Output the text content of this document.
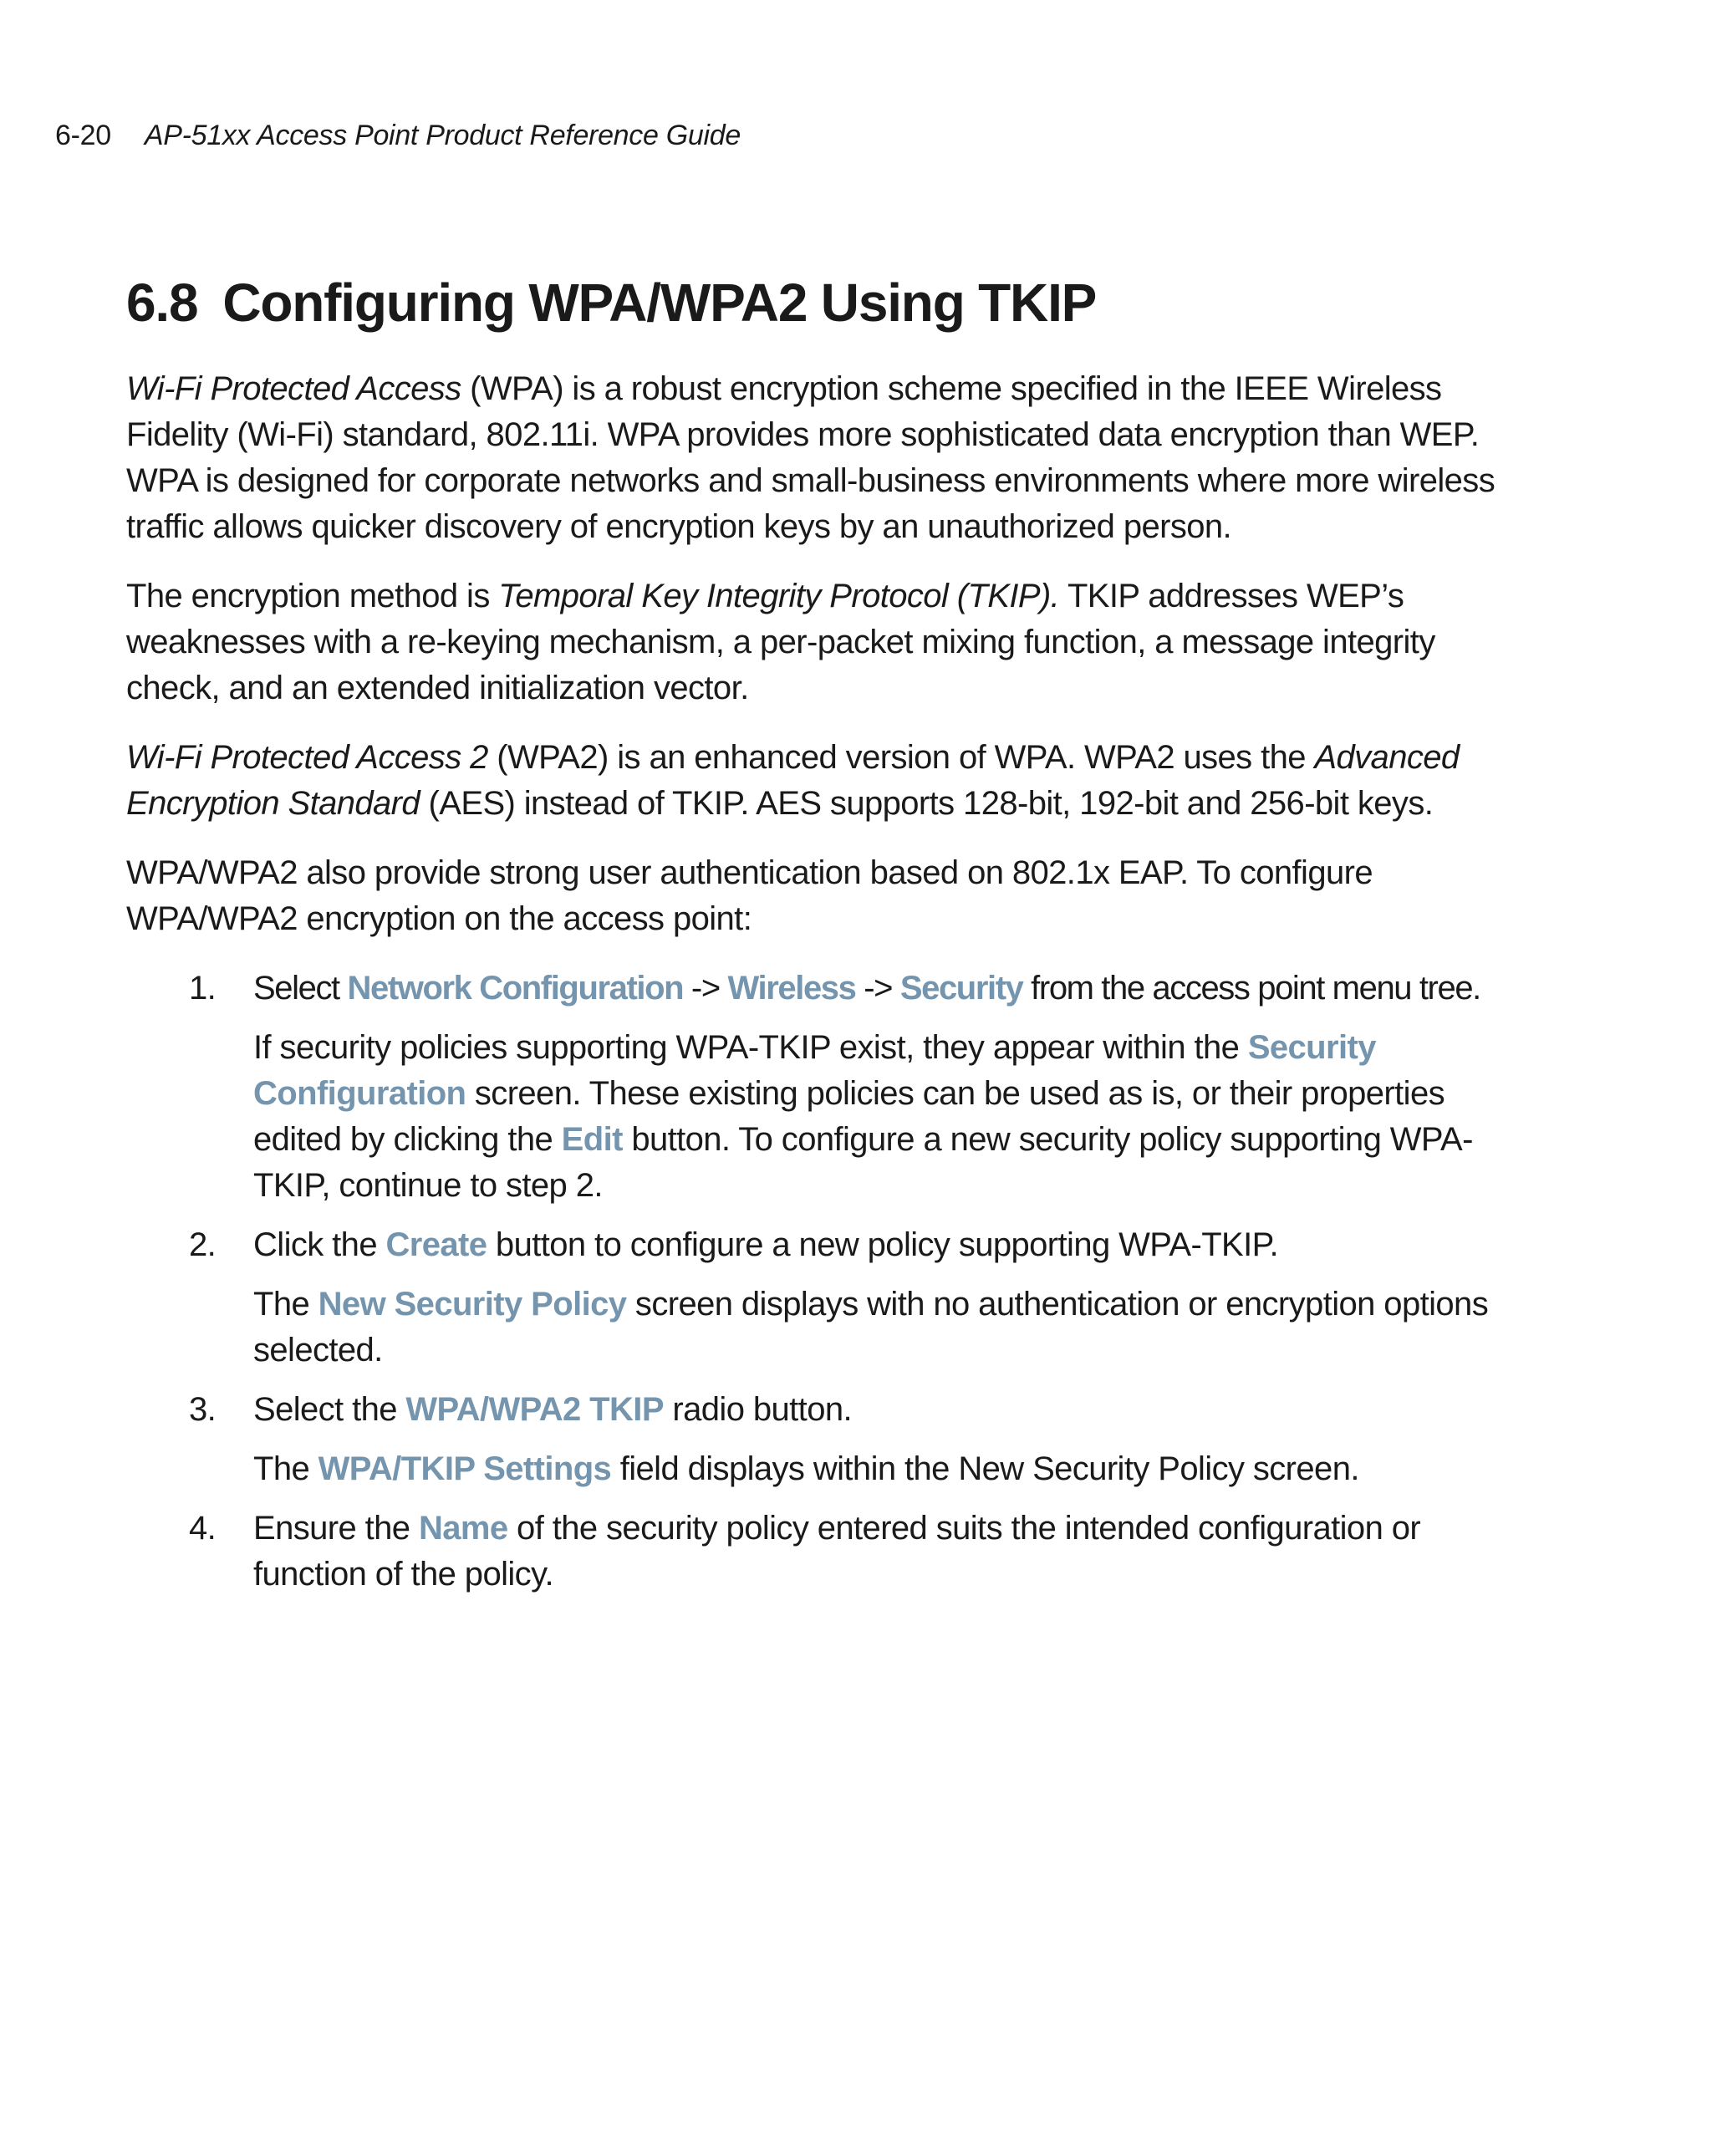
6-20 AP-51xx Access Point Product Reference Guide
6.8 Configuring WPA/WPA2 Using TKIP

Wi-Fi Protected Access (WPA) is a robust encryption scheme specified in the IEEE Wireless Fidelity (Wi-Fi) standard, 802.11i. WPA provides more sophisticated data encryption than WEP. WPA is designed for corporate networks and small-business environments where more wireless traffic allows quicker discovery of encryption keys by an unauthorized person.

The encryption method is Temporal Key Integrity Protocol (TKIP). TKIP addresses WEP’s weaknesses with a re-keying mechanism, a per-packet mixing function, a message integrity check, and an extended initialization vector.

Wi-Fi Protected Access 2 (WPA2) is an enhanced version of WPA. WPA2 uses the Advanced Encryption Standard (AES) instead of TKIP. AES supports 128-bit, 192-bit and 256-bit keys.

WPA/WPA2 also provide strong user authentication based on 802.1x EAP. To configure WPA/WPA2 encryption on the access point:

1. Select Network Configuration -> Wireless -> Security from the access point menu tree.
If security policies supporting WPA-TKIP exist, they appear within the Security Configuration screen. These existing policies can be used as is, or their properties edited by clicking the Edit button. To configure a new security policy supporting WPA-TKIP, continue to step 2.
2. Click the Create button to configure a new policy supporting WPA-TKIP.
The New Security Policy screen displays with no authentication or encryption options selected.
3. Select the WPA/WPA2 TKIP radio button.
The WPA/TKIP Settings field displays within the New Security Policy screen.
4. Ensure the Name of the security policy entered suits the intended configuration or function of the policy.
